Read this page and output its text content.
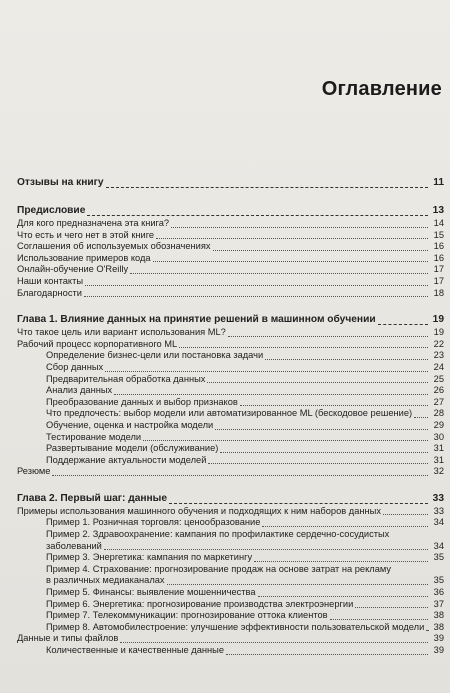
Оглавление
Отзывы на книгу	11
Предисловие	13
Для кого предназначена эта книга?	14
Что есть и чего нет в этой книге	15
Соглашения об используемых обозначениях	16
Использование примеров кода	16
Онлайн-обучение O'Reilly	17
Наши контакты	17
Благодарности	18
Глава 1. Влияние данных на принятие решений в машинном обучении	19
Что такое цель или вариант использования ML?	19
Рабочий процесс корпоративного ML	22
Определение бизнес-цели или постановка задачи	23
Сбор данных	24
Предварительная обработка данных	25
Анализ данных	26
Преобразование данных и выбор признаков	27
Что предпочесть: выбор модели или автоматизированное ML (бескодовое решение)	28
Обучение, оценка и настройка модели	29
Тестирование модели	30
Развертывание модели (обслуживание)	31
Поддержание актуальности моделей	31
Резюме	32
Глава 2. Первый шаг: данные	33
Примеры использования машинного обучения и подходящих к ним наборов данных	33
Пример 1. Розничная торговля: ценообразование	34
Пример 2. Здравоохранение: кампания по профилактике сердечно-сосудистых
заболеваний	34
Пример 3. Энергетика: кампания по маркетингу	35
Пример 4. Страхование: прогнозирование продаж на основе затрат на рекламу
в различных медиаканалах	35
Пример 5. Финансы: выявление мошенничества	36
Пример 6. Энергетика: прогнозирование производства электроэнергии	37
Пример 7. Телекоммуникации: прогнозирование оттока клиентов	38
Пример 8. Автомобилестроение: улучшение эффективности пользовательской модели	38
Данные и типы файлов	39
Количественные и качественные данные	39
